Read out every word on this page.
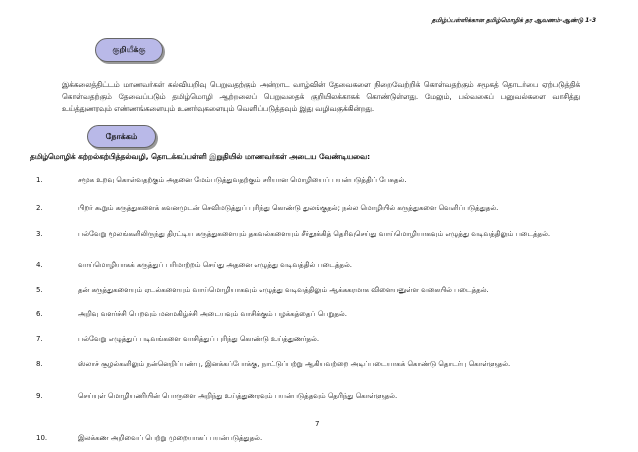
தமிழ்ப்பள்ளிக்கான தமிழ்மொழிக் தர ஆவணம்-ஆண்டு 1-3
குறியீக்கு

இக்கலைத்திட்டம் மாணவர்கள் கல்வியறிவு பெறுவதற்கும் அன்றாட வாழ்வின் தேவைகளை நிறைவேற்றிக் கொள்வதற்கும் சமூகத் தொடர்பை ஏற்படுத்திக் கொள்வதற்கும் தேவைப்படும் தமிழ்மொழி ஆற்றலைப் பெறுவதைக் குறியிலக்காகக் கொண்டுள்ளது. மேலும், பல்வகைப் பனுவல்களை வாசித்து உய்த்துணரவும் எண்ணங்களையும் உணர்வுகளையும் வெளிப்படுத்தவும் இது வழிவகுக்கின்றது.

நோக்கம்
தமிழ்மொழிக் கற்றல்கற்பித்தல்வழி, தொடக்கப்பள்ளி இறுதியில் மாணவர்கள் அடைய வேண்டியவை:
1.	சமூக உறவு கொள்வதற்கும் அதனை மேம்படுத்துவதற்கும் சரியான மொழியைப் பயன்படுத்திப் பேசுதல்.
2.	பிறர் கூறும் கருத்துகளைக் கவனமுடன் செவிமடுத்துப் புரிந்து கொண்டு துலங்குதல்; நல்ல மொழியில் கருத்துகளை வெளிப்படுத்துதல்.
3.	பல்வேறு மூலங்களிலிருந்து திரட்டிய கருத்துகளையும் தகவல்களையும் சீர்தூக்கித் தெரிவுசெய்து வாய்மொழியாகவும் எழுத்து வடிவத்திலும் படைத்தல்.
4.	வாய்மொழியாகக் கருத்துப் பரிமாற்றம் செய்து அதனை எழுத்து வடிவத்தில் படைத்தல்.
5.	தன் கருத்துகளையும் ஏடல்களையும் வாய்மொழியாகவும் எழுத்து வடிவத்திலும் ஆக்ககரமாக விளையனுள்ள வகையில் படைத்தல்.
6.	அறிவு வளர்ச்சி பெறவும் மனமகிழ்ச்சி அடையவும் வாசிக்கும் பழக்கத்தைப் பெறுதல்.
7.	பல்வேறு எழுத்துப் படிவங்களை வாசித்துப் புரிந்து கொண்டு உய்த்துணர்தல்.
8.	ஸ்லாச் சூழல்களிலும் நன்னெறிப்பண்பு, இனக்கப்போக்கு, நாட்டுப்பற்று ஆகியவற்றை அடிப்படையாகக் கொண்டு தொடர்பு கொள்ளுதல்.
9.	செய்யுள் மொழியணியின் பொருளை அறிந்து உய்த்துணரவும் பயன்படுத்தவும் தெரிந்து கொள்ளுதல்.
7
10.	இலக்கண அறிவைப் பெற்று முறையாகப் பயன்படுத்துதல்.
